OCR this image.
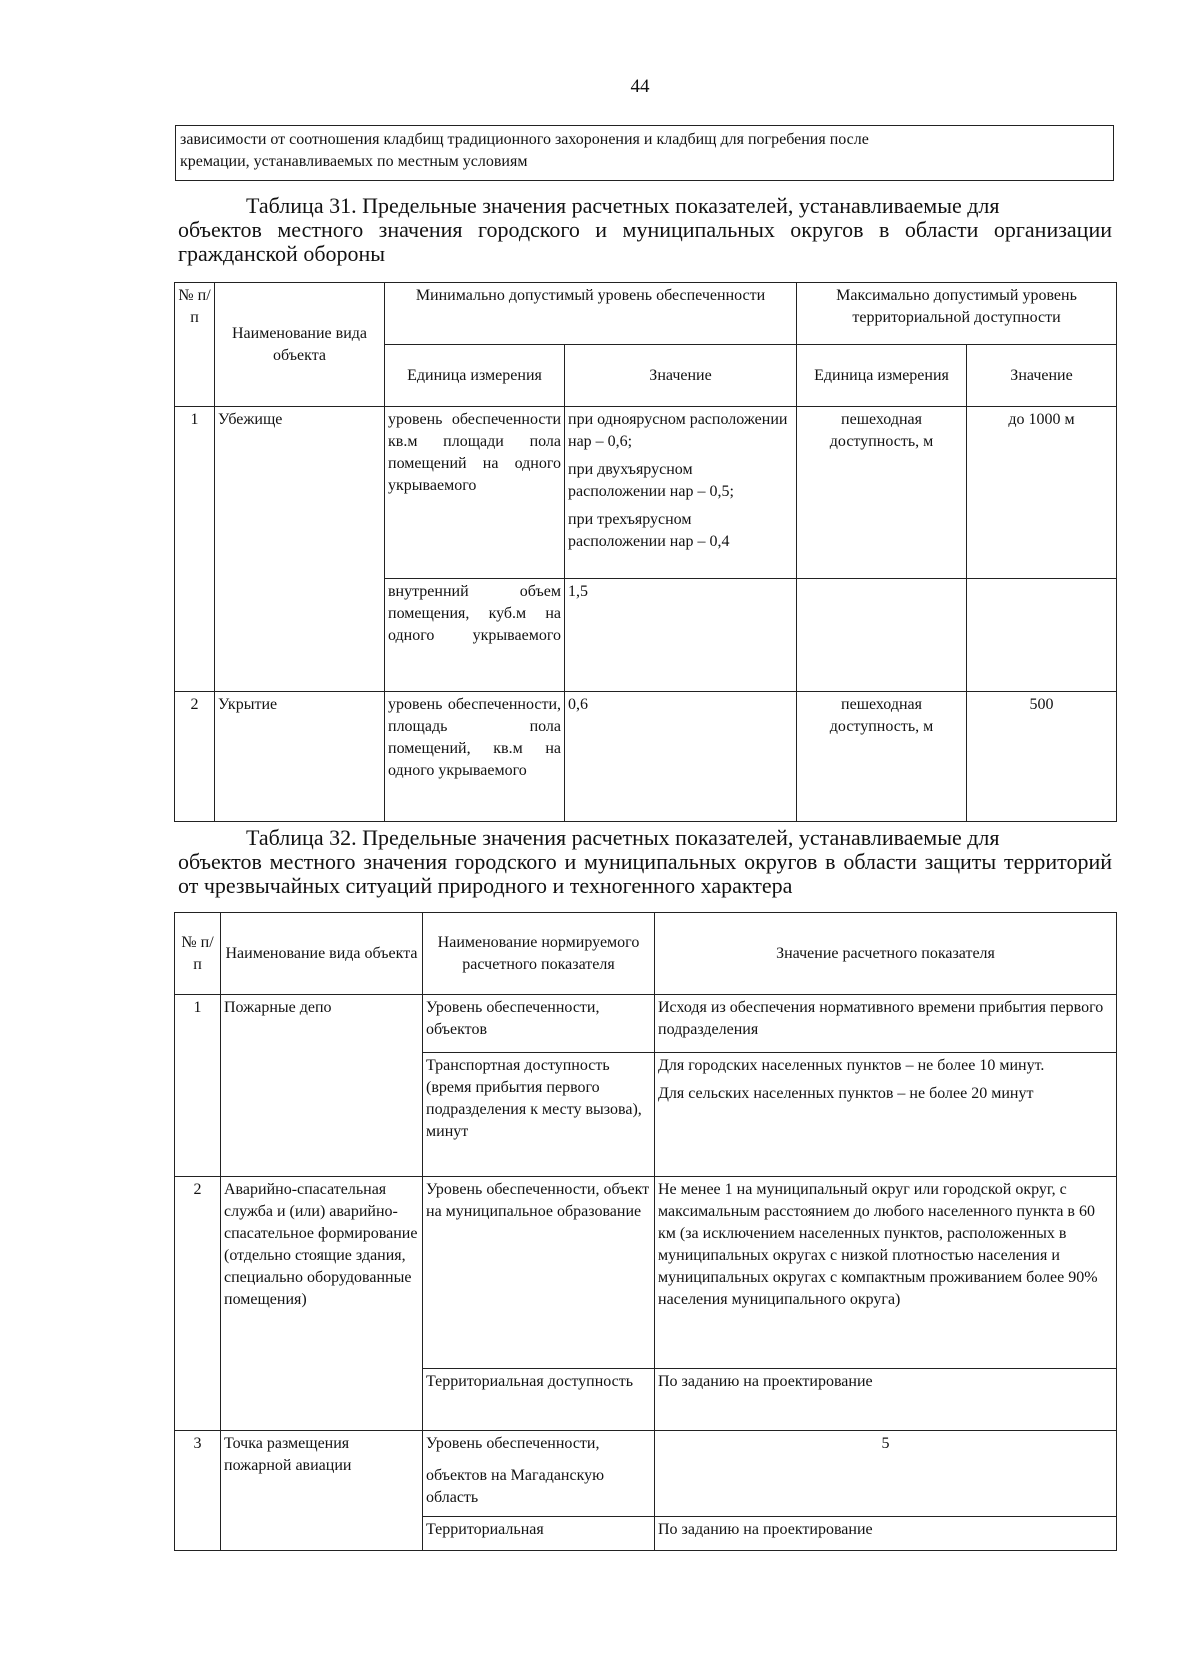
44
зависимости от соотношения кладбищ традиционного захоронения и кладбищ для погребения после
кремации, устанавливаемых по местным условиям
Таблица 31. Предельные значения расчетных показателей, устанавливаемые для
объектов местного значения городского и муниципальных округов в области организации гражданской обороны
№ п/п	Наименование вида объекта	Минимально допустимый уровень обеспеченности		Максимально допустимый уровень территориальной доступности	
		Единица измерения	Значение	Единица измерения	Значение
1	Убежище	уровень обеспеченности кв.м площади пола помещений на одного укрываемого	при одноярусном расположении нар – 0,6;

при двухъярусном расположении нар – 0,5;

при трехъярусном расположении нар – 0,4	пешеходная доступность, м	до 1000 м
		внутренний объем помещения, куб.м на одного укрываемого	1,5		
2	Укрытие	уровень обеспеченности, площадь пола помещений, кв.м на одного укрываемого	0,6	пешеходная доступность, м	500
Таблица 32. Предельные значения расчетных показателей, устанавливаемые для
объектов местного значения городского и муниципальных округов в области защиты территорий от чрезвычайных ситуаций природного и техногенного характера
№ п/п	Наименование вида объекта	Наименование нормируемого расчетного показателя	Значение расчетного показателя
1	Пожарные депо	Уровень обеспеченности, объектов	Исходя из обеспечения нормативного времени прибытия первого подразделения
		Транспортная доступность (время прибытия первого подразделения к месту вызова), минут	Для городских населенных пунктов – не более 10 минут.

Для сельских населенных пунктов – не более 20 минут

2	Аварийно-спасательная служба и (или) аварийно-спасательное формирование (отдельно стоящие здания, специально оборудованные помещения)	Уровень обеспеченности, объект на муниципальное образование	Не менее 1 на муниципальный округ или городской округ, с максимальным расстоянием до любого населенного пункта в 60 км (за исключением населенных пунктов, расположенных в муниципальных округах с низкой плотностью населения и муниципальных округах с компактным проживанием более 90% населения муниципального округа)
		Территориальная доступность	По заданию на проектирование
3	Точка размещения пожарной авиации	Уровень обеспеченности,

объектов на Магаданскую область	5
		Территориальная	По заданию на проектирование
